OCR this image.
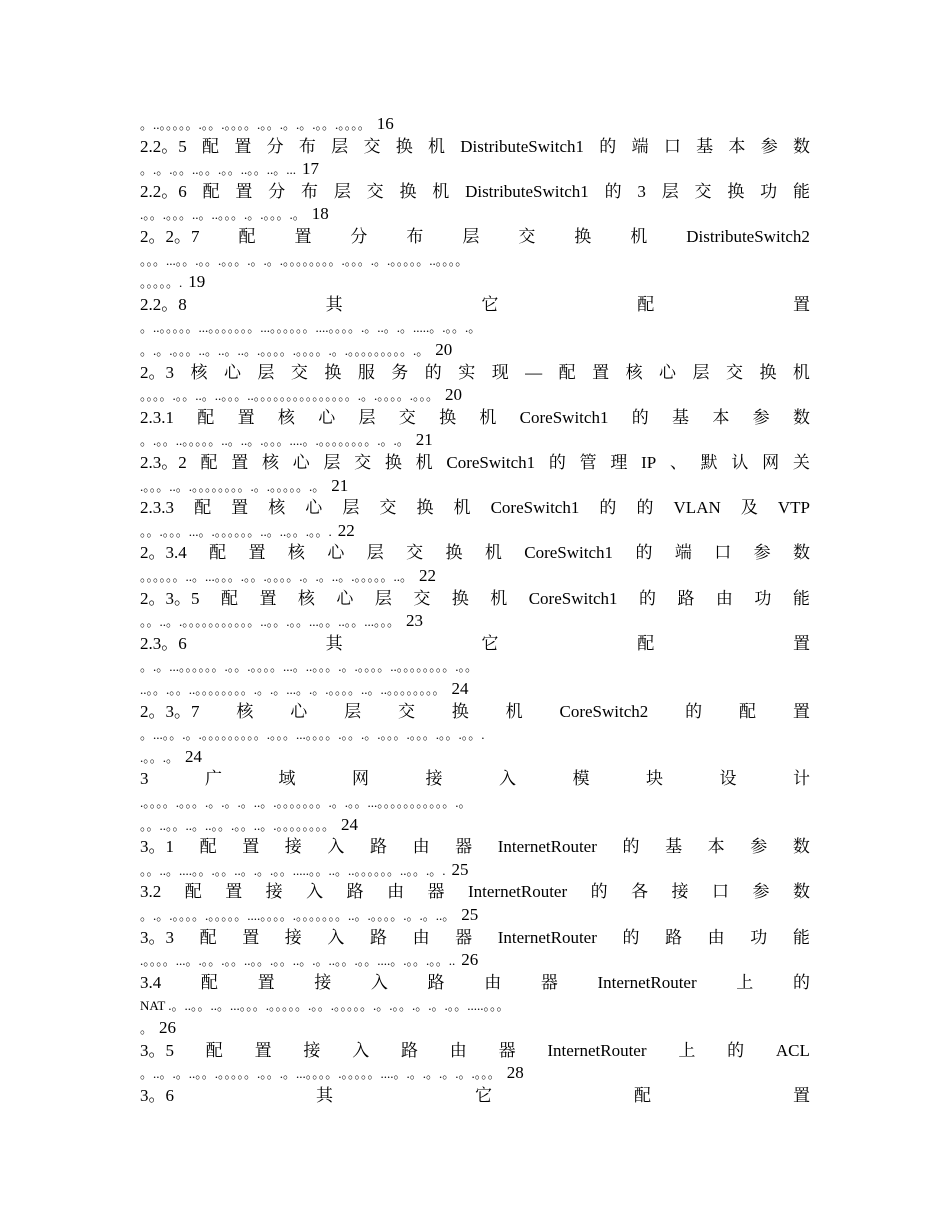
。..。。。。。.。。.。。。。.。。.。.。.。。.。。。。 16
2.2。5 配 置 分 布 层 交 换 机 DistributeSwitch1 的 端 口 基 本 参 数
。.。.。。..。。.。。..。。..。... 17
2.2。6 配 置 分 布 层 交 换 机 DistributeSwitch1 的 3 层 交 换 功 能
.。。.。。。..。..。。。.。.。。。.。 18
2。2。7 配 置 分 布 层 交 换 机 DistributeSwitch2
。。。...。。.。。.。。。.。.。.。。。。。。。。.。。。.。.。。。。。..。。。。
。。。。。. 19
2.2。8	其	它	配	置
。..。。。。。...。。。。。。。...。。。。。。....。。。。.。..。.。.....。.。。.。
。.。.。。。..。..。..。.。。。。.。。。。.。.。。。。。。。。。.。 20
2。3 核 心 层 交 换 服 务 的 实 现 — 配 置 核 心 层 交 换 机
。。。。.。。..。..。。。..。。。。。。。。。。。。。。。.。.。。。。.。。。 20
2.3.1 配 置 核 心 层 交 换 机 CoreSwitch1 的 基 本 参 数
。.。。..。。。。。..。..。.。。。....。.。。。。。。。。.。.。 21
2.3。2 配 置 核 心 层 交 换 机 CoreSwitch1 的 管 理 IP 、 默 认 网 关
.。。。..。.。。。。。。。。.。.。。。。。.。 21
2.3.3 配 置 核 心 层 交 换 机 CoreSwitch1 的 的 VLAN 及 VTP
。。.。。。...。.。。。。。。..。..。。.。。. 22
2。3.4 配 置 核 心 层 交 换 机 CoreSwitch1 的 端 口 参 数
。。。。。。..。...。。。.。。.。。。。.。.。..。.。。。。。..。 22
2。3。5 配 置 核 心 层 交 换 机 CoreSwitch1 的 路 由 功 能
。。..。.。。。。。。。。。。。..。。.。。...。。..。。...。。。 23
2.3。6	其	它	配	置
。.。...。。。。。。.。。.。。。。...。..。。。.。.。。。。..。。。。。。。。.。。
..。。.。。..。。。。。。。。.。.。...。.。.。。。。..。..。。。。。。。。 24
2。3。7 核 心 层 交 换 机 CoreSwitch2 的 配 置
。...。。.。.。。。。。。。。。.。。。...。。。。.。。.。.。。。.。。。.。。.。。.
.。。.。 24
3	广	域	网	接	入	模	块	设	计
.。。。。.。。。.。.。.。..。.。。。。。。。.。.。。...。。。。。。。。。。。.。
。。..。。..。..。。.。。..。.。。。。。。。。 24
3。1 配 置 接 入 路 由 器 InternetRouter 的 基 本 参 数
。。..。....。。.。。..。.。.。。.....。。..。..。。。。。。..。。.。. 25
3.2 配 置 接 入 路 由 器 InternetRouter 的 各 接 口 参 数
。.。.。。。。.。。。。。....。。。。.。。。。。。。..。.。。。。.。.。..。 25
3。3 配 置 接 入 路 由 器 InternetRouter 的 路 由 功 能
.。。。。...。.。。.。。..。。.。。..。.。..。。.。。....。.。。.。。.. 26
3.4 配 置 接 入 路 由 器 InternetRouter 上 的
NAT .。..。。..。...。。。.。。。。。.。。.。。。。。.。.。。.。.。.。。.....。。。
。 26
3。5 配 置 接 入 路 由 器 InternetRouter 上 的 ACL
。..。.。..。。.。。。。。.。。.。...。。。。.。。。。。....。.。.。.。.。.。。。 28
3。6	其	它	配	置
